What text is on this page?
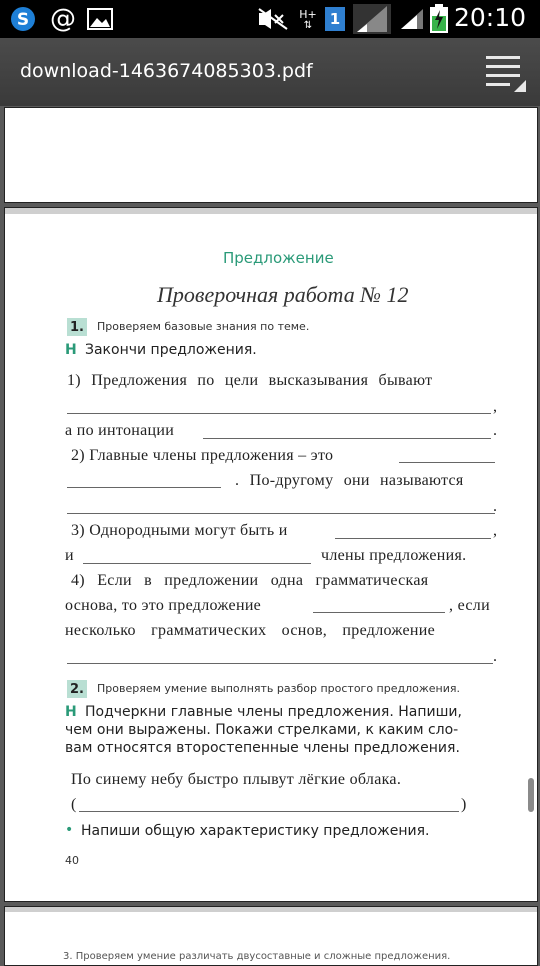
S @	H+
⇅	1	20:10
download-1463674085303.pdf
Предложение
Проверочная работа № 12
1. Проверяем базовые знания по теме.
Н Закончи предложения.
1) Предложения по цели высказывания бывают
,
а по интонации	.
2) Главные члены предложения – это
. По-другому они называются
.
3) Однородными могут быть и	,
и	члены предложения.
4) Если в предложении одна грамматическая
основа, то это предложение	, если
несколько грамматических основ, предложение
.
2. Проверяем умение выполнять разбор простого предложения.
Н Подчеркни главные члены предложения. Напиши,
чем они выражены. Покажи стрелками, к каким сло-
вам относятся второстепенные члены предложения.
По синему небу быстро плывут лёгкие облака.
(	)
• Напиши общую характеристику предложения.
40
3. Проверяем умение различать двусоставные и сложные предложения.
